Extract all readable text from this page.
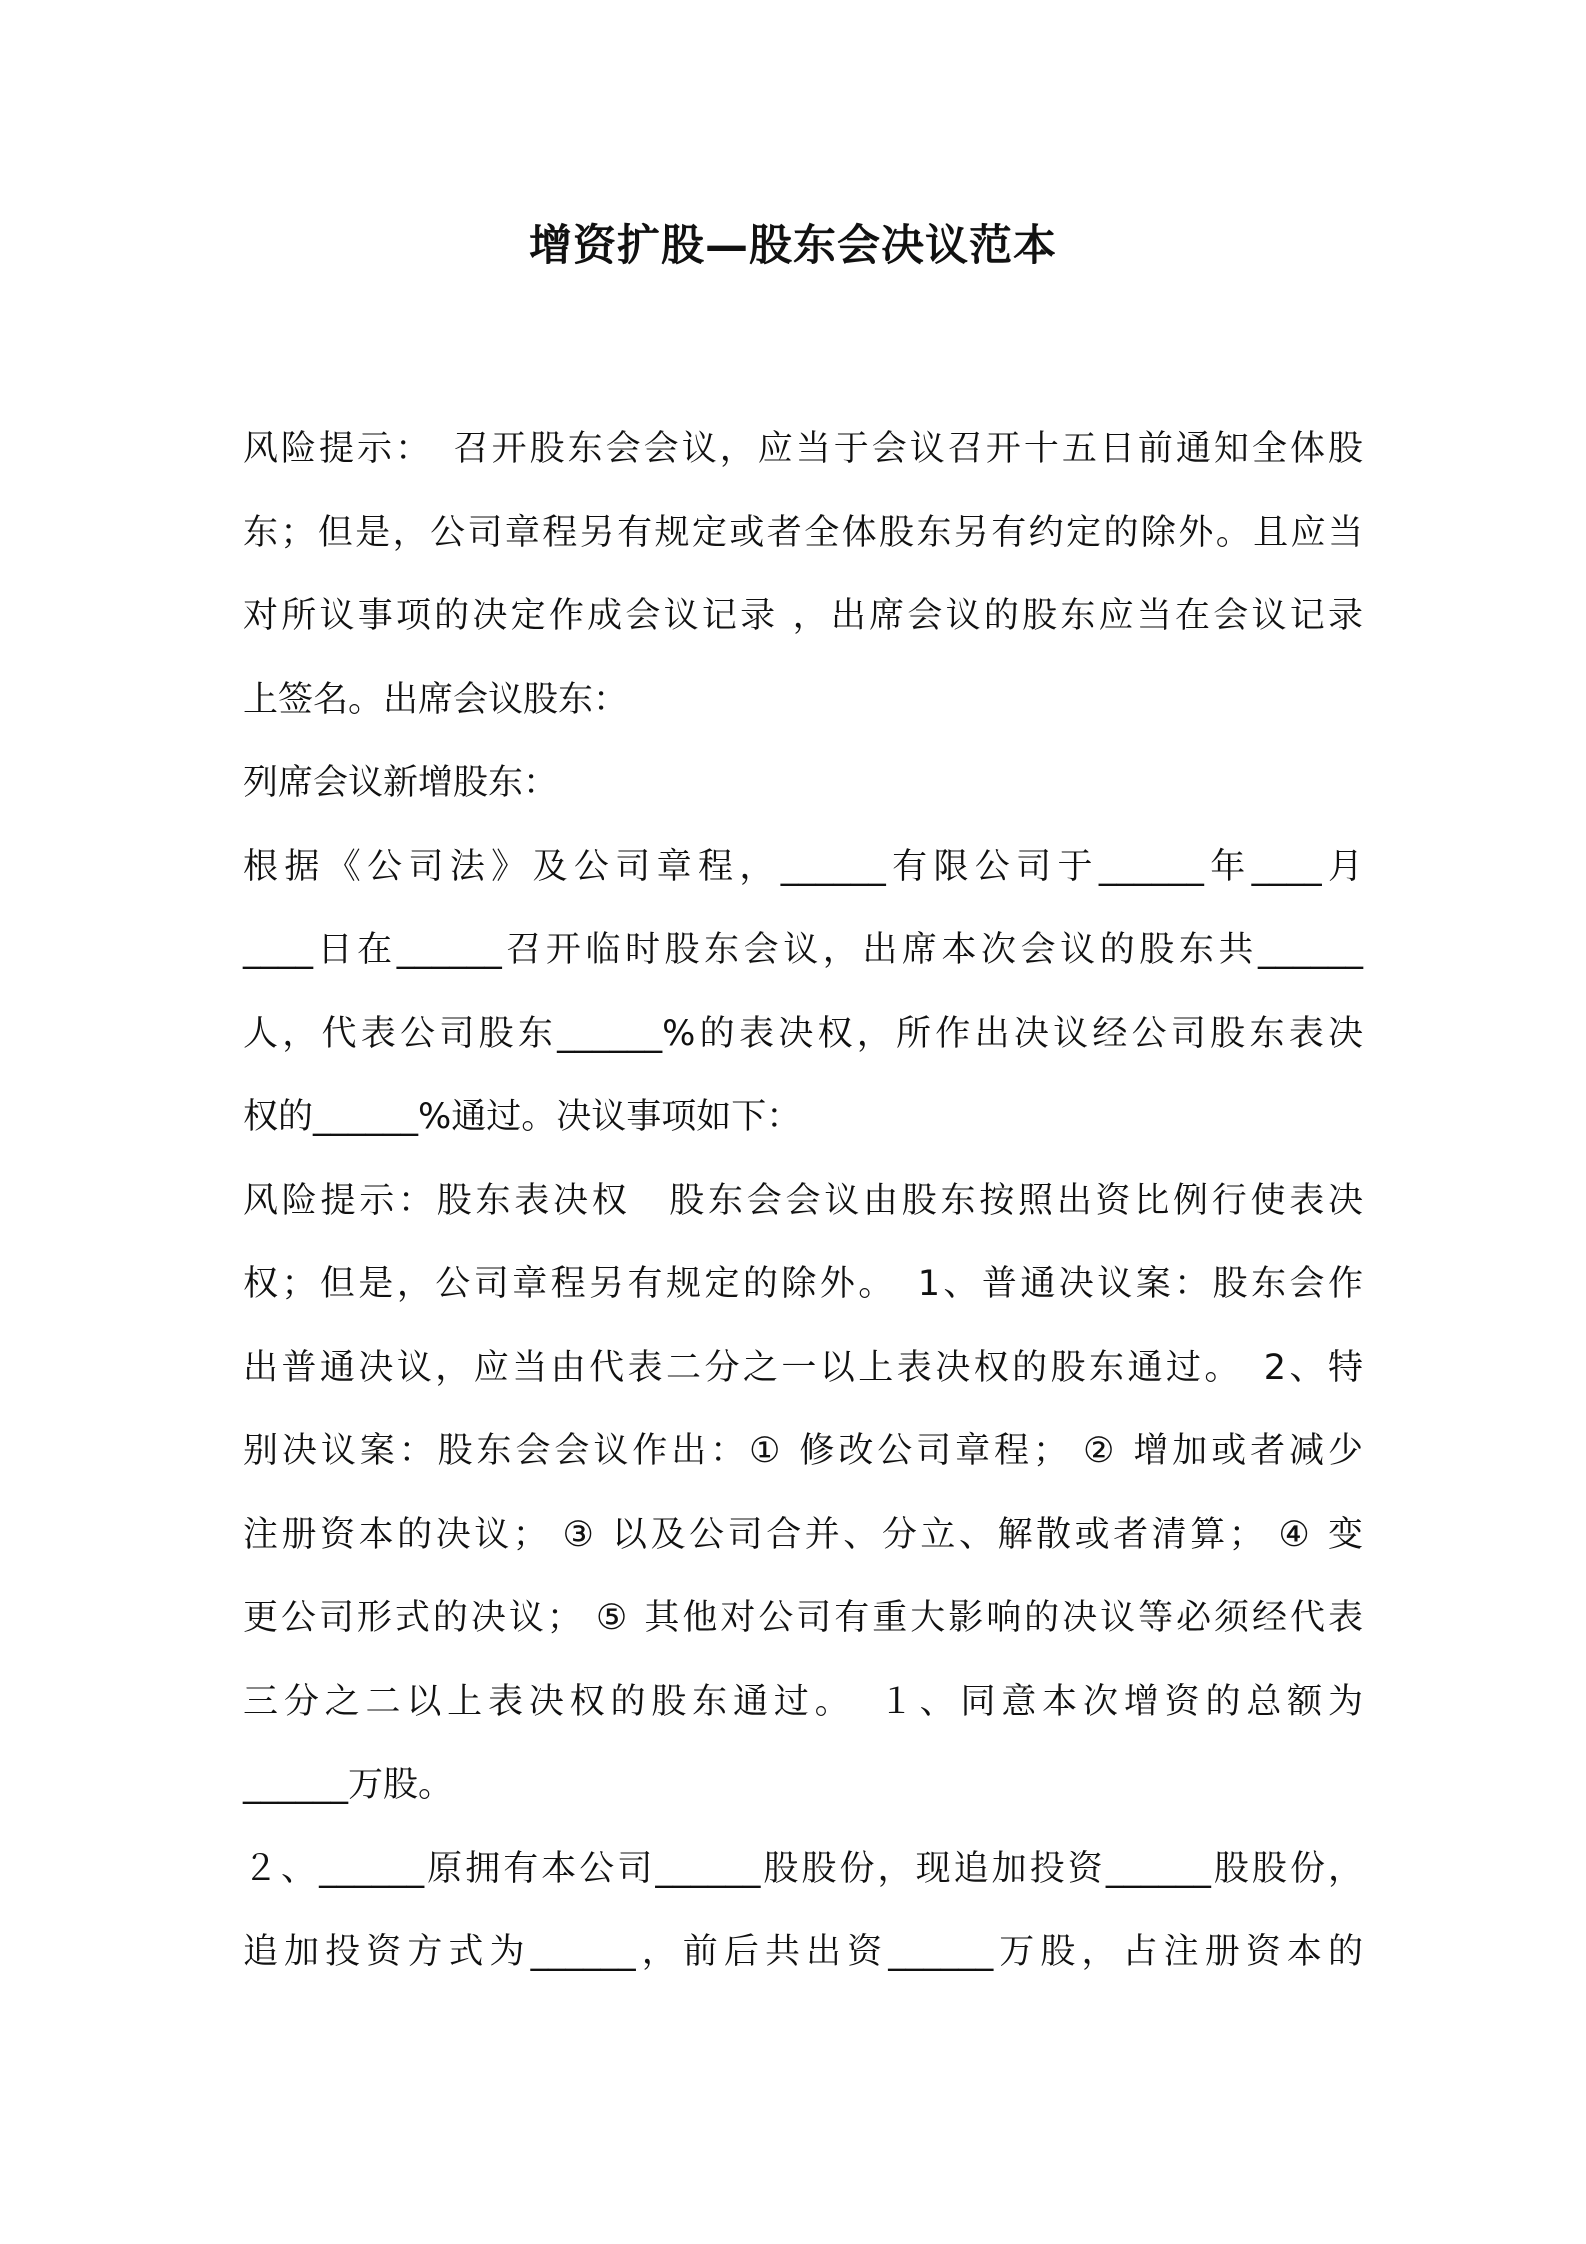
增资扩股—股东会决议范本
风险提示：　召开股东会会议，应当于会议召开十五日前通知全体股
东；但是，公司章程另有规定或者全体股东另有约定的除外。且应当
对所议事项的决定作成会议记录 ，出席会议的股东应当在会议记录
上签名。出席会议股东：
列席会议新增股东：
根据《公司法》及公司章程，______有限公司于______年____月
____日在______召开临时股东会议，出席本次会议的股东共______
人，代表公司股东______%的表决权，所作出决议经公司股东表决
权的______%通过。决议事项如下：
风险提示：股东表决权　股东会会议由股东按照出资比例行使表决
权；但是，公司章程另有规定的除外。　1、普通决议案：股东会作
出普通决议，应当由代表二分之一以上表决权的股东通过。　2、特
别决议案：股东会会议作出：① 修改公司章程； ② 增加或者减少
注册资本的决议； ③ 以及公司合并、分立、解散或者清算； ④ 变
更公司形式的决议； ⑤ 其他对公司有重大影响的决议等必须经代表
三分之二以上表决权的股东通过。　１、同意本次增资的总额为
______万股。
２、______原拥有本公司______股股份，现追加投资______股股份，
追加投资方式为______，前后共出资______万股，占注册资本的
